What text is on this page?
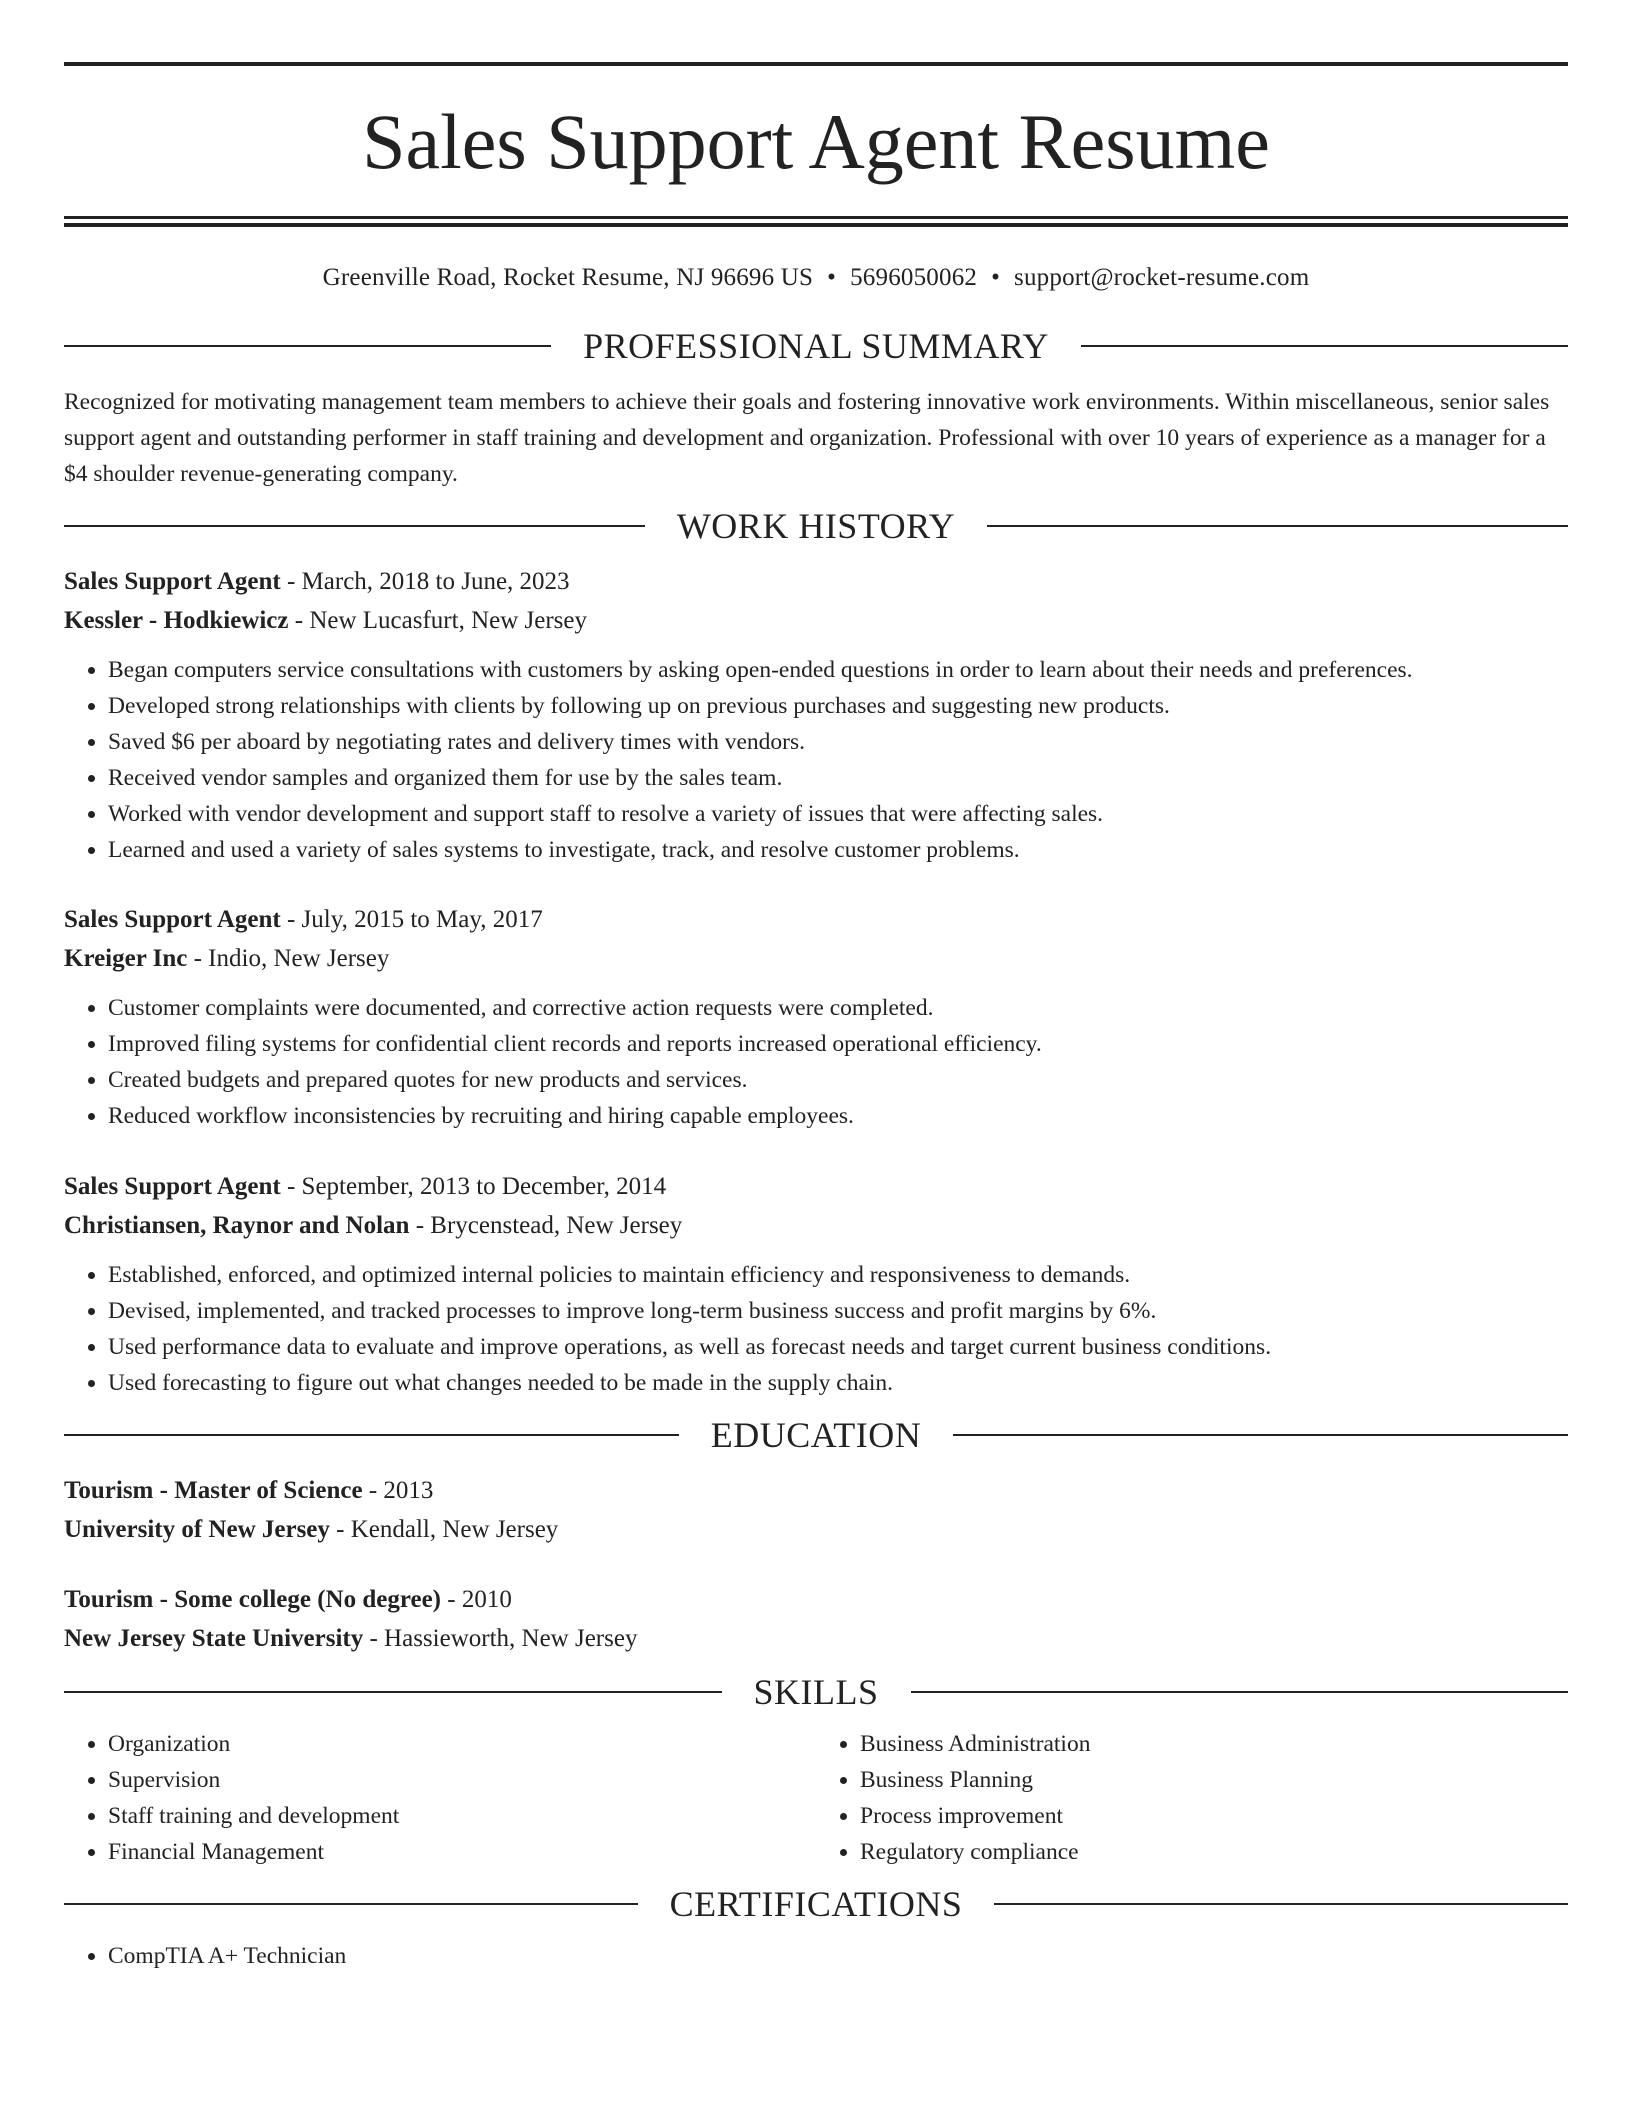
Sales Support Agent Resume
Greenville Road, Rocket Resume, NJ 96696 US • 5696050062 • support@rocket-resume.com
PROFESSIONAL SUMMARY

Recognized for motivating management team members to achieve their goals and fostering innovative work environments. Within miscellaneous, senior sales support agent and outstanding performer in staff training and development and organization. Professional with over 10 years of experience as a manager for a $4 shoulder revenue-generating company.

WORK HISTORY

Sales Support Agent - March, 2018 to June, 2023

Kessler - Hodkiewicz - New Lucasfurt, New Jersey

• Began computers service consultations with customers by asking open-ended questions in order to learn about their needs and preferences.
• Developed strong relationships with clients by following up on previous purchases and suggesting new products.
• Saved $6 per aboard by negotiating rates and delivery times with vendors.
• Received vendor samples and organized them for use by the sales team.
• Worked with vendor development and support staff to resolve a variety of issues that were affecting sales.
• Learned and used a variety of sales systems to investigate, track, and resolve customer problems.

Sales Support Agent - July, 2015 to May, 2017

Kreiger Inc - Indio, New Jersey

• Customer complaints were documented, and corrective action requests were completed.
• Improved filing systems for confidential client records and reports increased operational efficiency.
• Created budgets and prepared quotes for new products and services.
• Reduced workflow inconsistencies by recruiting and hiring capable employees.

Sales Support Agent - September, 2013 to December, 2014

Christiansen, Raynor and Nolan - Brycenstead, New Jersey

• Established, enforced, and optimized internal policies to maintain efficiency and responsiveness to demands.
• Devised, implemented, and tracked processes to improve long-term business success and profit margins by 6%.
• Used performance data to evaluate and improve operations, as well as forecast needs and target current business conditions.
• Used forecasting to figure out what changes needed to be made in the supply chain.
EDUCATION

Tourism - Master of Science - 2013

University of New Jersey - Kendall, New Jersey

Tourism - Some college (No degree) - 2010

New Jersey State University - Hassieworth, New Jersey

SKILLS
• Organization
• Supervision
• Staff training and development
• Financial Management
• Business Administration
• Business Planning
• Process improvement
• Regulatory compliance
CERTIFICATIONS
• CompTIA A+ Technician
